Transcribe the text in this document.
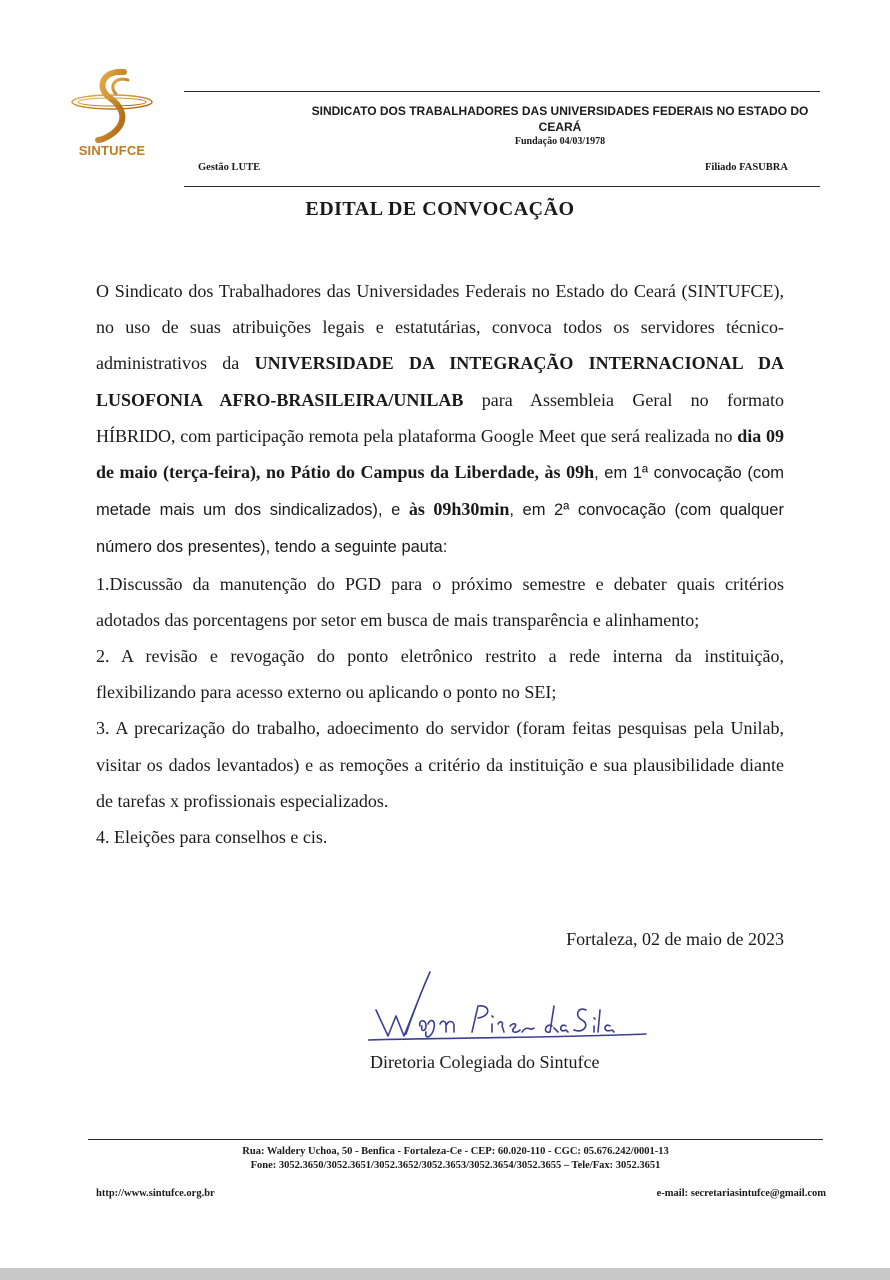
SINTUFCE
SINDICATO DOS TRABALHADORES DAS UNIVERSIDADES FEDERAIS NO ESTADO DO CEARÁ
Fundação 04/03/1978
Gestão LUTE	Filiado FASUBRA
EDITAL DE CONVOCAÇÃO

O Sindicato dos Trabalhadores das Universidades Federais no Estado do Ceará (SINTUFCE), no uso de suas atribuições legais e estatutárias, convoca todos os servidores técnico-administrativos da UNIVERSIDADE DA INTEGRAÇÃO INTERNACIONAL DA LUSOFONIA AFRO-BRASILEIRA/UNILAB para Assembleia Geral no formato HÍBRIDO, com participação remota pela plataforma Google Meet que será realizada no dia 09 de maio (terça-feira), no Pátio do Campus da Liberdade, às 09h, em 1ª convocação (com metade mais um dos sindicalizados), e às 09h30min, em 2ª convocação (com qualquer número dos presentes), tendo a seguinte pauta:

1.Discussão da manutenção do PGD para o próximo semestre e debater quais critérios adotados das porcentagens por setor em busca de mais transparência e alinhamento;

2. A revisão e revogação do ponto eletrônico restrito a rede interna da instituição, flexibilizando para acesso externo ou aplicando o ponto no SEI;

3. A precarização do trabalho, adoecimento do servidor (foram feitas pesquisas pela Unilab, visitar os dados levantados) e as remoções a critério da instituição e sua plausibilidade diante de tarefas x profissionais especializados.

4. Eleições para conselhos e cis.

Fortaleza, 02 de maio de 2023
Diretoria Colegiada do Sintufce
Rua: Waldery Uchoa, 50 - Benfica - Fortaleza-Ce - CEP: 60.020-110 - CGC: 05.676.242/0001-13
Fone: 3052.3650/3052.3651/3052.3652/3052.3653/3052.3654/3052.3655 – Tele/Fax: 3052.3651
http://www.sintufce.org.br	e-mail: secretariasintufce@gmail.com
